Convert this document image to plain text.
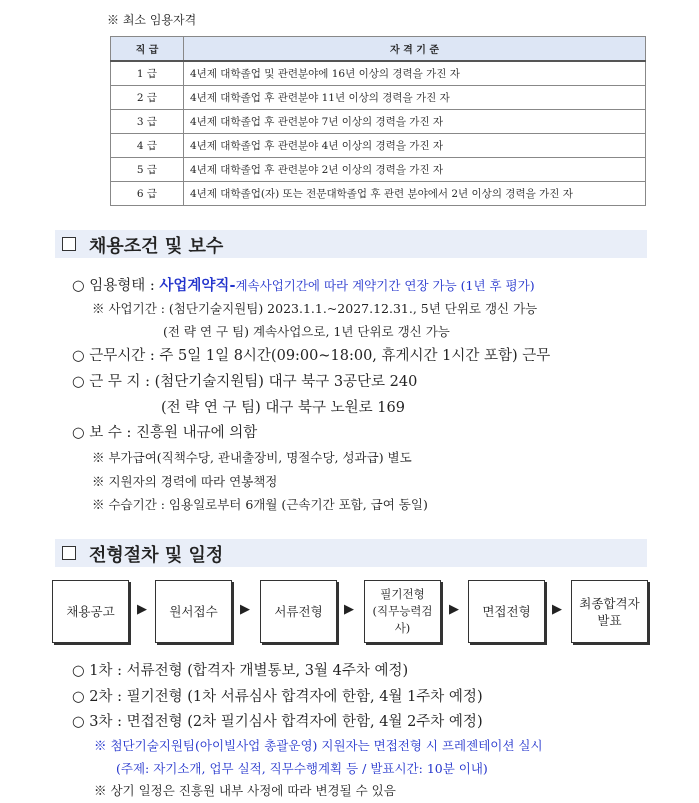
※ 최소 임용자격
직 급	자 격 기 준
1 급	4년제 대학졸업 및 관련분야에 16년 이상의 경력을 가진 자
2 급	4년제 대학졸업 후 관련분야 11년 이상의 경력을 가진 자
3 급	4년제 대학졸업 후 관련분야 7년 이상의 경력을 가진 자
4 급	4년제 대학졸업 후 관련분야 4년 이상의 경력을 가진 자
5 급	4년제 대학졸업 후 관련분야 2년 이상의 경력을 가진 자
6 급	4년제 대학졸업(자) 또는 전문대학졸업 후 관련 분야에서 2년 이상의 경력을 가진 자
채용조건 및 보수
○ 임용형태 : 사업계약직-계속사업기간에 따라 계약기간 연장 가능 (1년 후 평가)
※ 사업기간 : (첨단기술지원팀) 2023.1.1.~2027.12.31., 5년 단위로 갱신 가능
(전 략 연 구 팀) 계속사업으로, 1년 단위로 갱신 가능
○ 근무시간 : 주 5일 1일 8시간(09:00~18:00, 휴게시간 1시간 포함) 근무
○ 근 무 지 : (첨단기술지원팀) 대구 북구 3공단로 240
(전 략 연 구 팀) 대구 북구 노원로 169
○ 보 수 : 진흥원 내규에 의함
※ 부가급여(직책수당, 관내출장비, 명절수당, 성과급) 별도
※ 지원자의 경력에 따라 연봉책정
※ 수습기간 : 임용일로부터 6개월 (근속기간 포함, 급여 동일)
전형절차 및 일정
채용공고 ▶ 원서접수 ▶ 서류전형 ▶
필기전형
(직무능력검사)
▶ 면접전형 ▶ 최종합격자
발표
○ 1차 : 서류전형 (합격자 개별통보, 3월 4주차 예정)
○ 2차 : 필기전형 (1차 서류심사 합격자에 한함, 4월 1주차 예정)
○ 3차 : 면접전형 (2차 필기심사 합격자에 한함, 4월 2주차 예정)
※ 첨단기술지원팀(아이빌사업 총괄운영) 지원자는 면접전형 시 프레젠테이션 실시
(주제: 자기소개, 업무 실적, 직무수행계획 등 / 발표시간: 10분 이내)
※ 상기 일정은 진흥원 내부 사정에 따라 변경될 수 있음
